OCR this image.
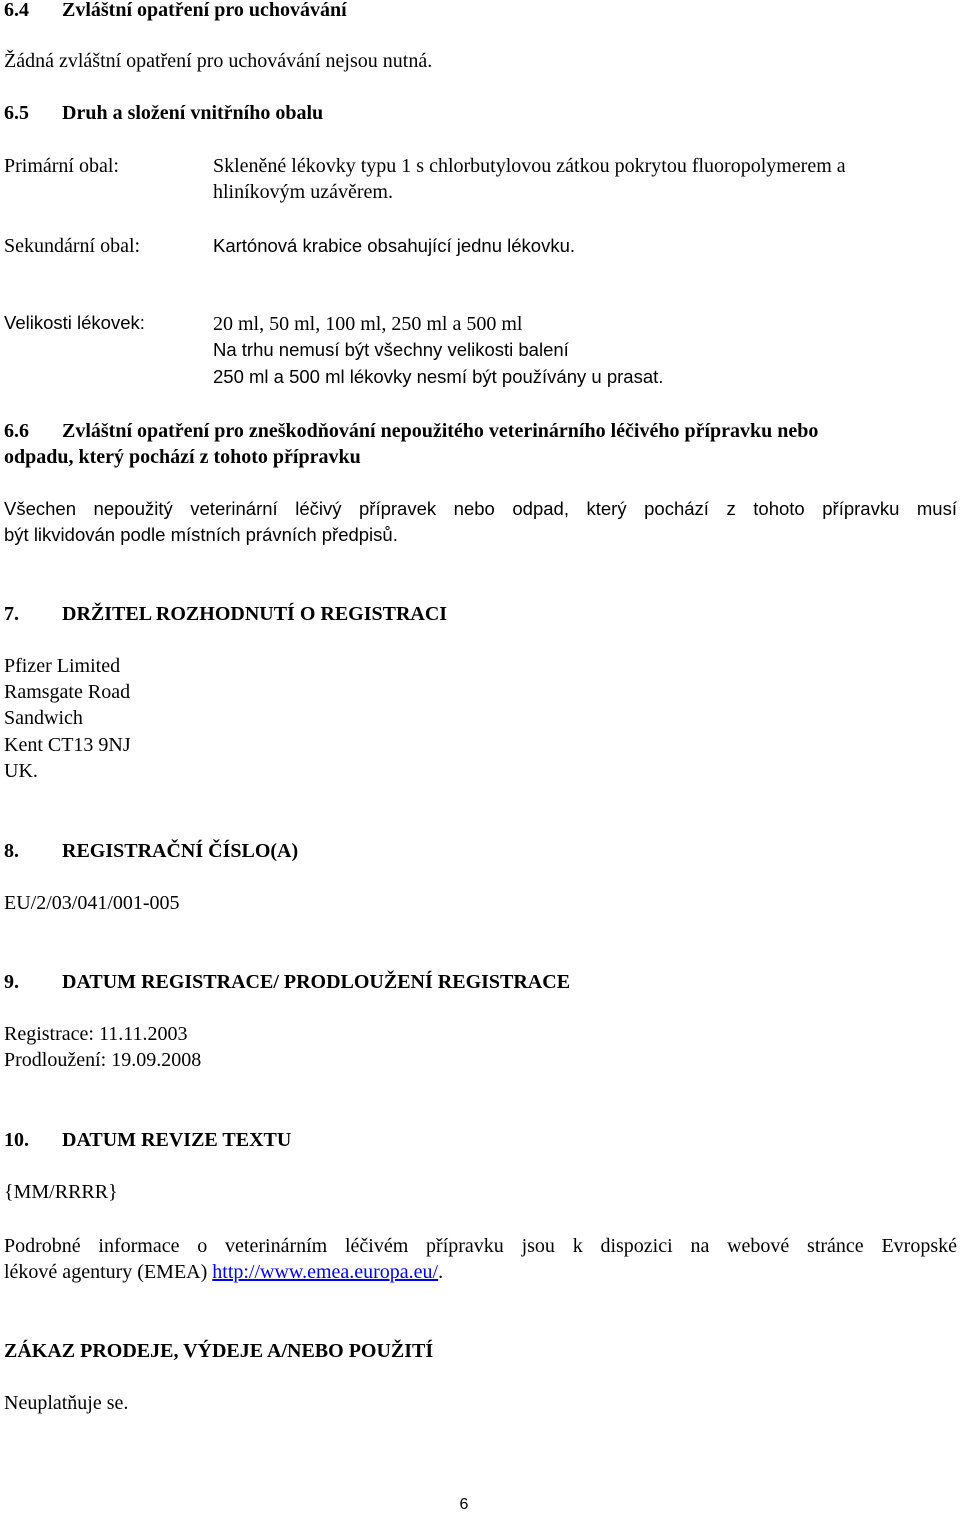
6.4 Zvláštní opatření pro uchovávání
Žádná zvláštní opatření pro uchovávání nejsou nutná.
6.5 Druh a složení vnitřního obalu
Primární obal:	Skleněné lékovky typu 1 s chlorbutylovou zátkou pokrytou fluoropolymerem a
hliníkovým uzávěrem.
Sekundární obal:	Kartónová krabice obsahující jednu lékovku.
Velikosti lékovek:	20 ml, 50 ml, 100 ml, 250 ml a 500 ml
Na trhu nemusí být všechny velikosti balení
250 ml a 500 ml lékovky nesmí být používány u prasat.
6.6 Zvláštní opatření pro zneškodňování nepoužitého veterinárního léčivého přípravku nebo
odpadu, který pochází z tohoto přípravku
Všechen nepoužitý veterinární léčivý přípravek nebo odpad, který pochází z tohoto přípravku musí
být likvidován podle místních právních předpisů.
7. DRŽITEL ROZHODNUTÍ O REGISTRACI
Pfizer Limited
Ramsgate Road
Sandwich
Kent CT13 9NJ
UK.
8. REGISTRAČNÍ ČÍSLO(A)
EU/2/03/041/001-005
9. DATUM REGISTRACE/ PRODLOUŽENÍ REGISTRACE
Registrace: 11.11.2003
Prodloužení: 19.09.2008
10. DATUM REVIZE TEXTU
{MM/RRRR}
Podrobné informace o veterinárním léčivém přípravku jsou k dispozici na webové stránce Evropské
lékové agentury (EMEA) http://www.emea.europa.eu/.
ZÁKAZ PRODEJE, VÝDEJE A/NEBO POUŽITÍ
Neuplatňuje se.
6
